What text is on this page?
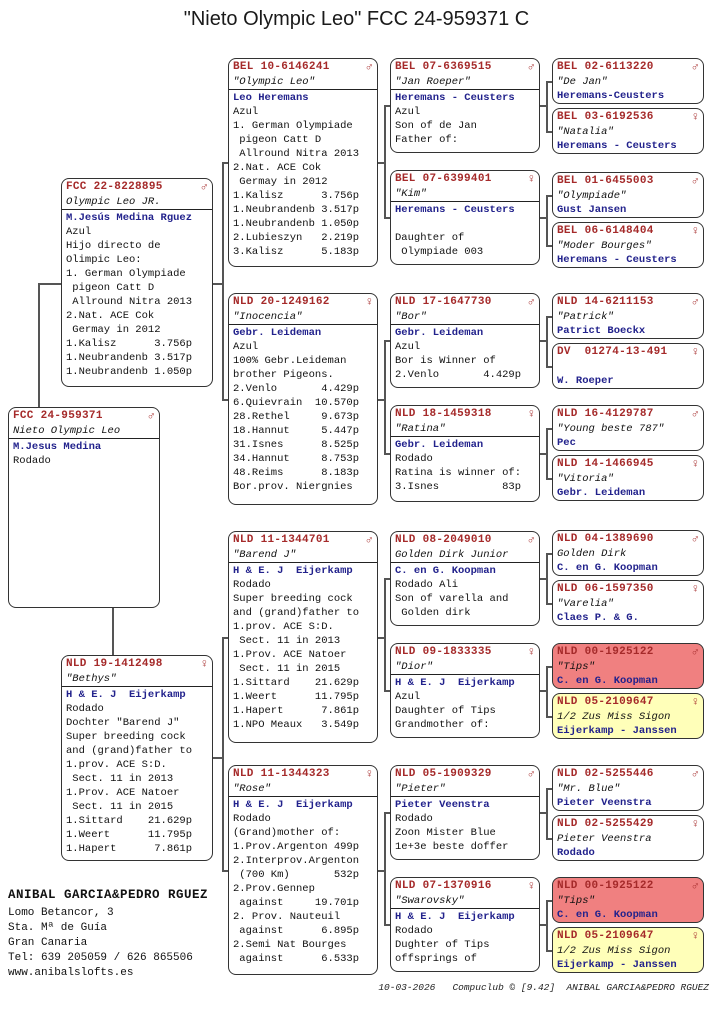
"Nieto Olympic Leo" FCC 24-959371 C
FCC 24-959371	♂
Nieto Olympic Leo
M.Jesus Medina
Rodado
FCC 22-8228895	♂
Olympic Leo JR.
M.Jesús Medina Rguez
Azul
Hijo directo de
Olimpic Leo:
1. German Olympiade
pigeon Catt D
Allround Nitra 2013
2.Nat. ACE Cok
Germay in 2012
1.Kalisz      3.756p
1.Neubrandenb 3.517p
1.Neubrandenb 1.050p
NLD 19-1412498	♀
"Bethys"
H & E. J  Eijerkamp
Rodado
Dochter "Barend J"
Super breeding cock
and (grand)father to
1.prov. ACE S:D.
Sect. 11 in 2013
1.Prov. ACE Natoer
Sect. 11 in 2015
1.Sittard    21.629p
1.Weert      11.795p
1.Hapert      7.861p
BEL 10-6146241	♂
"Olympic Leo"
Leo Heremans
Azul
1. German Olympiade
pigeon Catt D
Allround Nitra 2013
2.Nat. ACE Cok
Germay in 2012
1.Kalisz      3.756p
1.Neubrandenb 3.517p
1.Neubrandenb 1.050p
2.Lubieszyn   2.219p
3.Kalisz      5.183p
NLD 20-1249162	♀
"Inocencia"
Gebr. Leideman
Azul
100% Gebr.Leideman
brother Pigeons.
2.Venlo       4.429p
6.Quievrain  10.570p
28.Rethel     9.673p
18.Hannut     5.447p
31.Isnes      8.525p
34.Hannut     8.753p
48.Reims      8.183p
Bor.prov. Niergnies
NLD 11-1344701	♂
"Barend J"
H & E. J  Eijerkamp
Rodado
Super breeding cock
and (grand)father to
1.prov. ACE S:D.
Sect. 11 in 2013
1.Prov. ACE Natoer
Sect. 11 in 2015
1.Sittard    21.629p
1.Weert      11.795p
1.Hapert      7.861p
1.NPO Meaux   3.549p
NLD 11-1344323	♀
"Rose"
H & E. J  Eijerkamp
Rodado
(Grand)mother of:
1.Prov.Argenton 499p
2.Interprov.Argenton
(700 Km)       532p
2.Prov.Gennep
against     19.701p
2. Prov. Nauteuil
against      6.895p
2.Semi Nat Bourges
against      6.533p
BEL 07-6369515	♂
"Jan Roeper"
Heremans - Ceusters
Azul
Son of de Jan
Father of:
BEL 07-6399401	♀
"Kim"
Heremans - Ceusters

Daughter of
Olympiade 003
NLD 17-1647730	♂
"Bor"
Gebr. Leideman
Azul
Bor is Winner of
2.Venlo       4.429p
NLD 18-1459318	♀
"Ratina"
Gebr. Leideman
Rodado
Ratina is winner of:
3.Isnes          83p
NLD 08-2049010	♂
Golden Dirk Junior
C. en G. Koopman
Rodado Ali
Son of varella and
Golden dirk
NLD 09-1833335	♀
"Dior"
H & E. J  Eijerkamp
Azul
Daughter of Tips
Grandmother of:
NLD 05-1909329	♂
"Pieter"
Pieter Veenstra
Rodado
Zoon Mister Blue
1e+3e beste doffer
NLD 07-1370916	♀
"Swarovsky"
H & E. J  Eijerkamp
Rodado
Dughter of Tips
offsprings of
BEL 02-6113220	♂
"De Jan"
Heremans-Ceusters
BEL 03-6192536	♀
"Natalia"
Heremans - Ceusters
BEL 01-6455003	♂
"Olympiade"
Gust Jansen
BEL 06-6148404	♀
"Moder Bourges"
Heremans - Ceusters
NLD 14-6211153	♂
"Patrick"
Patrict Boeckx
DV  01274-13-491 ♀

W. Roeper
NLD 16-4129787	♂
"Young beste 787"
Pec
NLD 14-1466945	♀
"Vitoria"
Gebr. Leideman
NLD 04-1389690	♂
Golden Dirk
C. en G. Koopman
NLD 06-1597350	♀
"Varelia"
Claes P. & G.
NLD 00-1925122	♂
"Tips"
C. en G. Koopman
NLD 05-2109647	♀
1/2 Zus Miss Sigon
Eijerkamp - Janssen
NLD 02-5255446	♂
"Mr. Blue"
Pieter Veenstra
NLD 02-5255429	♀
Pieter Veenstra
Rodado
NLD 00-1925122	♂
"Tips"
C. en G. Koopman
NLD 05-2109647	♀
1/2 Zus Miss Sigon
Eijerkamp - Janssen
ANIBAL GARCIA&PEDRO RGUEZ
Lomo Betancor, 3
Sta. Mª de Guía
Gran Canaria
Tel: 639 205059 / 626 865506
www.anibalslofts.es
10-03-2026   Compuclub © [9.42]  ANIBAL GARCIA&PEDRO RGUEZ
